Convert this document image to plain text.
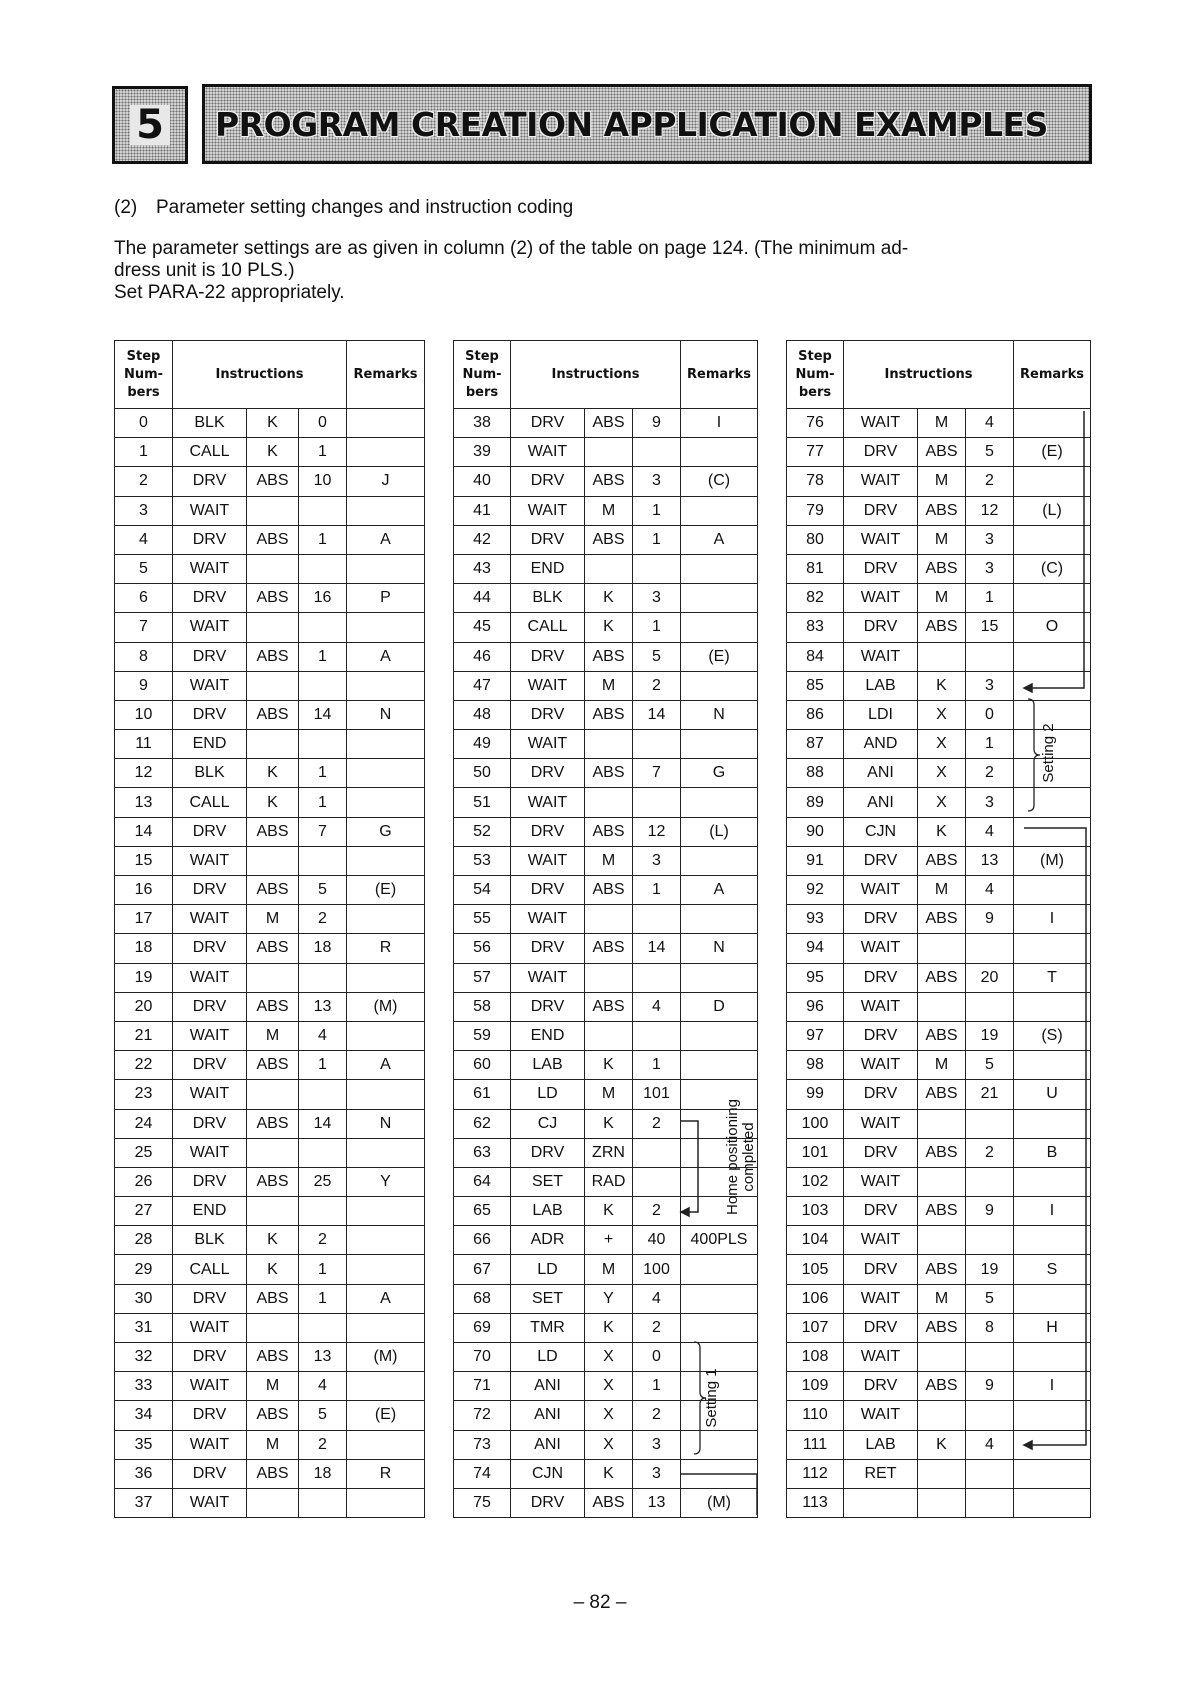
5 PROGRAM CREATION APPLICATION EXAMPLES
(2) Parameter setting changes and instruction coding
The parameter settings are as given in column (2) of the table on page 124. (The minimum ad-
dress unit is 10 PLS.)
Set PARA-22 appropriately.
Step
Num-
bers	Instructions			Remarks
0	BLK	K	0	
1	CALL	K	1	
2	DRV	ABS	10	J
3	WAIT			
4	DRV	ABS	1	A
5	WAIT			
6	DRV	ABS	16	P
7	WAIT			
8	DRV	ABS	1	A
9	WAIT			
10	DRV	ABS	14	N
11	END			
12	BLK	K	1	
13	CALL	K	1	
14	DRV	ABS	7	G
15	WAIT			
16	DRV	ABS	5	(E)
17	WAIT	M	2	
18	DRV	ABS	18	R
19	WAIT			
20	DRV	ABS	13	(M)
21	WAIT	M	4	
22	DRV	ABS	1	A
23	WAIT			
24	DRV	ABS	14	N
25	WAIT			
26	DRV	ABS	25	Y
27	END			
28	BLK	K	2	
29	CALL	K	1	
30	DRV	ABS	1	A
31	WAIT			
32	DRV	ABS	13	(M)
33	WAIT	M	4	
34	DRV	ABS	5	(E)
35	WAIT	M	2	
36	DRV	ABS	18	R
37	WAIT			
Step
Num-
bers	Instructions			Remarks
38	DRV	ABS	9	I
39	WAIT			
40	DRV	ABS	3	(C)
41	WAIT	M	1	
42	DRV	ABS	1	A
43	END			
44	BLK	K	3	
45	CALL	K	1	
46	DRV	ABS	5	(E)
47	WAIT	M	2	
48	DRV	ABS	14	N
49	WAIT			
50	DRV	ABS	7	G
51	WAIT			
52	DRV	ABS	12	(L)
53	WAIT	M	3	
54	DRV	ABS	1	A
55	WAIT			
56	DRV	ABS	14	N
57	WAIT			
58	DRV	ABS	4	D
59	END			
60	LAB	K	1	
61	LD	M	101	
62	CJ	K	2	
63	DRV	ZRN		
64	SET	RAD		
65	LAB	K	2	
66	ADR	+	40	400PLS
67	LD	M	100	
68	SET	Y	4	
69	TMR	K	2	
70	LD	X	0	
71	ANI	X	1	
72	ANI	X	2	
73	ANI	X	3	
74	CJN	K	3	
75	DRV	ABS	13	(M)
Step
Num-
bers	Instructions			Remarks
76	WAIT	M	4	
77	DRV	ABS	5	(E)
78	WAIT	M	2	
79	DRV	ABS	12	(L)
80	WAIT	M	3	
81	DRV	ABS	3	(C)
82	WAIT	M	1	
83	DRV	ABS	15	O
84	WAIT			
85	LAB	K	3	
86	LDI	X	0	
87	AND	X	1	
88	ANI	X	2	
89	ANI	X	3	
90	CJN	K	4	
91	DRV	ABS	13	(M)
92	WAIT	M	4	
93	DRV	ABS	9	I
94	WAIT			
95	DRV	ABS	20	T
96	WAIT			
97	DRV	ABS	19	(S)
98	WAIT	M	5	
99	DRV	ABS	21	U
100	WAIT			
101	DRV	ABS	2	B
102	WAIT			
103	DRV	ABS	9	I
104	WAIT			
105	DRV	ABS	19	S
106	WAIT	M	5	
107	DRV	ABS	8	H
108	WAIT			
109	DRV	ABS	9	I
110	WAIT			
111	LAB	K	4	
112	RET			
113				
Home positioning completed
Setting 1
Setting 2
– 82 –
